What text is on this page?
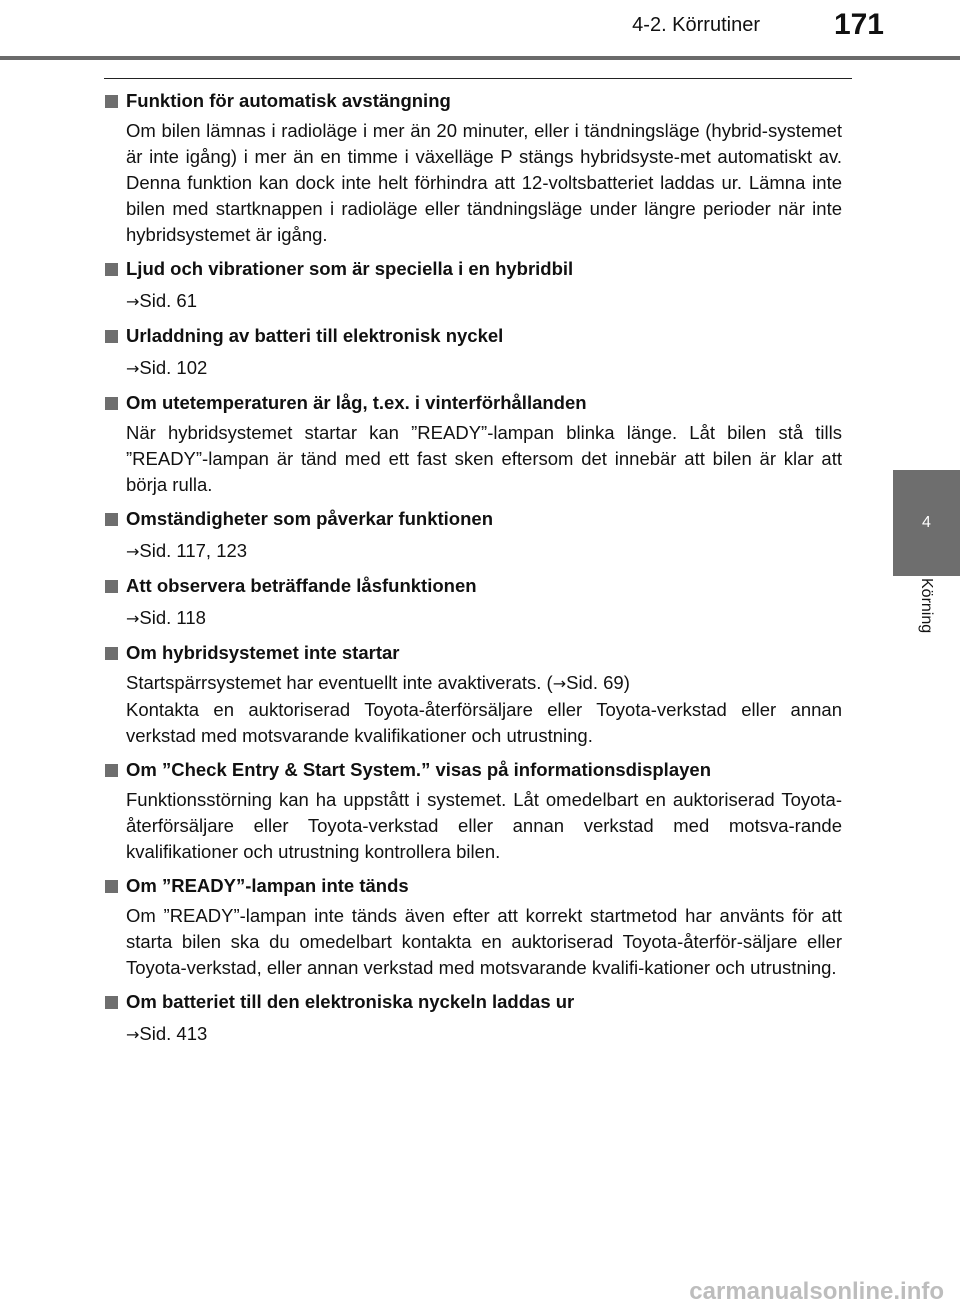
4-2. Körrutiner 171
4
Körning
Funktion för automatisk avstängning

Om bilen lämnas i radioläge i mer än 20 minuter, eller i tändningsläge (hybrid-systemet är inte igång) i mer än en timme i växelläge P stängs hybridsyste-met automatiskt av. Denna funktion kan dock inte helt förhindra att 12-voltsbatteriet laddas ur. Lämna inte bilen med startknappen i radioläge eller tändningsläge under längre perioder när inte hybridsystemet är igång.

Ljud och vibrationer som är speciella i en hybridbil
→Sid. 61
Urladdning av batteri till elektronisk nyckel
→Sid. 102
Om utetemperaturen är låg, t.ex. i vinterförhållanden

När hybridsystemet startar kan ”READY”-lampan blinka länge. Låt bilen stå tills ”READY”-lampan är tänd med ett fast sken eftersom det innebär att bilen är klar att börja rulla.

Omständigheter som påverkar funktionen
→Sid. 117, 123
Att observera beträffande låsfunktionen
→Sid. 118
Om hybridsystemet inte startar

Startspärrsystemet har eventuellt inte avaktiverats. (→Sid. 69)

Kontakta en auktoriserad Toyota-återförsäljare eller Toyota-verkstad eller annan verkstad med motsvarande kvalifikationer och utrustning.

Om ”Check Entry & Start System.” visas på informationsdisplayen

Funktionsstörning kan ha uppstått i systemet. Låt omedelbart en auktoriserad Toyota-återförsäljare eller Toyota-verkstad eller annan verkstad med motsva-rande kvalifikationer och utrustning kontrollera bilen.

Om ”READY”-lampan inte tänds

Om ”READY”-lampan inte tänds även efter att korrekt startmetod har använts för att starta bilen ska du omedelbart kontakta en auktoriserad Toyota-återför-säljare eller Toyota-verkstad, eller annan verkstad med motsvarande kvalifi-kationer och utrustning.

Om batteriet till den elektroniska nyckeln laddas ur
→Sid. 413
carmanualsonline.info
